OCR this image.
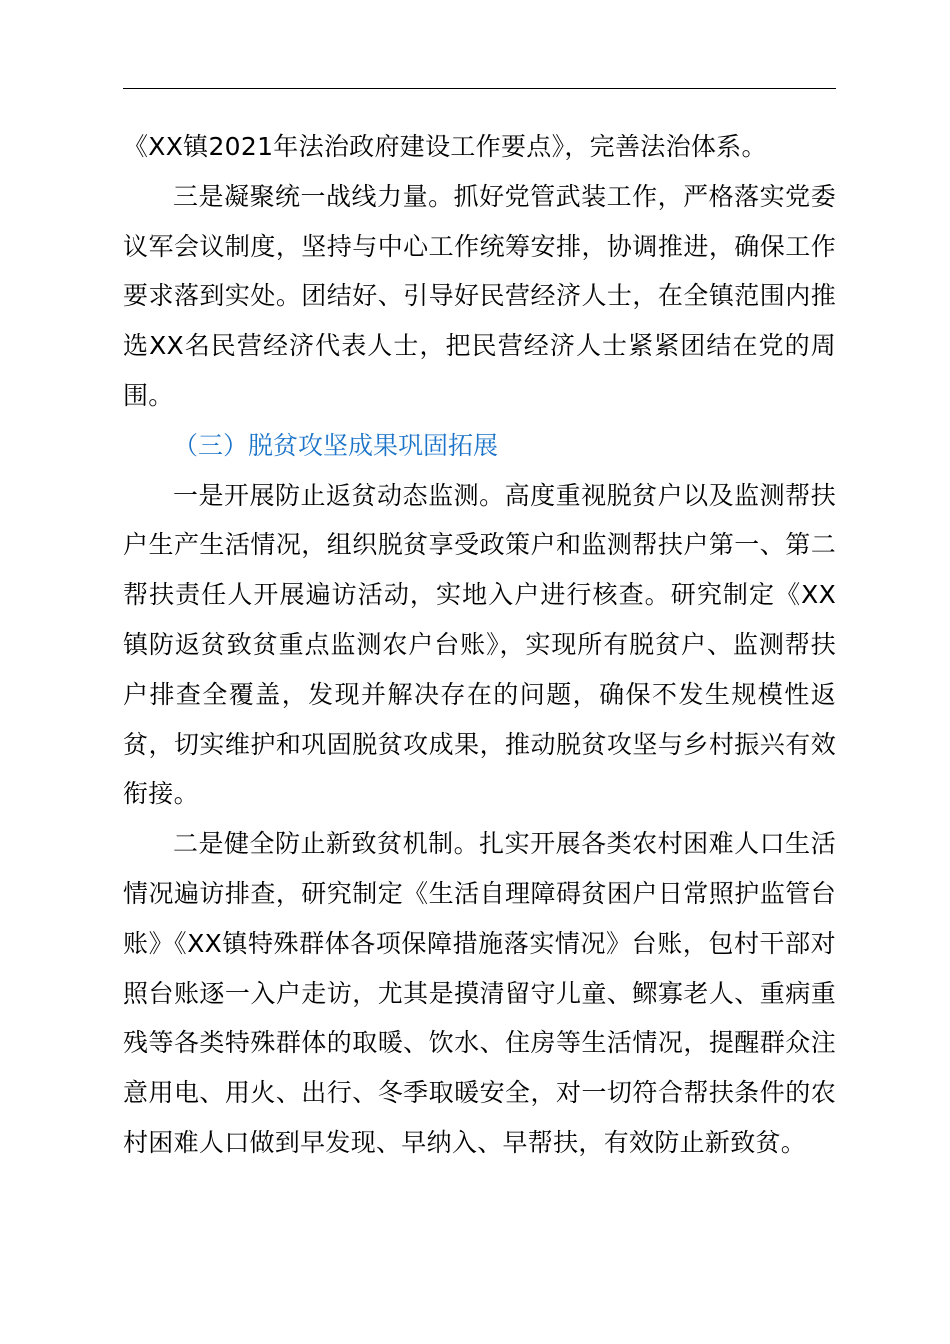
《XX镇2021年法治政府建设工作要点》，完善法治体系。

三是凝聚统一战线力量。抓好党管武装工作，严格落实党委议军会议制度，坚持与中心工作统筹安排，协调推进，确保工作要求落到实处。团结好、引导好民营经济人士，在全镇范围内推选XX名民营经济代表人士，把民营经济人士紧紧团结在党的周围。

（三）脱贫攻坚成果巩固拓展

一是开展防止返贫动态监测。高度重视脱贫户以及监测帮扶户生产生活情况，组织脱贫享受政策户和监测帮扶户第一、第二帮扶责任人开展遍访活动，实地入户进行核查。研究制定《XX镇防返贫致贫重点监测农户台账》，实现所有脱贫户、监测帮扶户排查全覆盖，发现并解决存在的问题，确保不发生规模性返贫，切实维护和巩固脱贫攻成果，推动脱贫攻坚与乡村振兴有效衔接。

二是健全防止新致贫机制。扎实开展各类农村困难人口生活情况遍访排查，研究制定《生活自理障碍贫困户日常照护监管台账》《XX镇特殊群体各项保障措施落实情况》台账，包村干部对照台账逐一入户走访，尤其是摸清留守儿童、鳏寡老人、重病重残等各类特殊群体的取暖、饮水、住房等生活情况，提醒群众注意用电、用火、出行、冬季取暖安全，对一切符合帮扶条件的农村困难人口做到早发现、早纳入、早帮扶，有效防止新致贫。
